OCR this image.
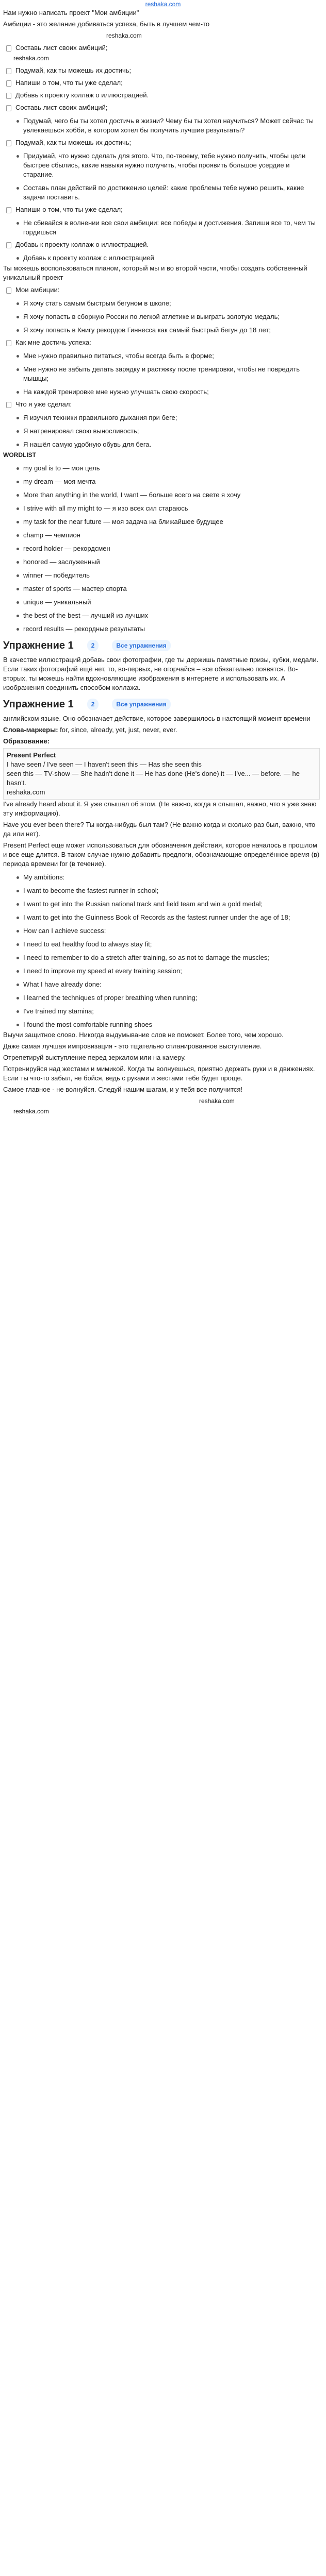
reshaka.com

Нам нужно написать проект "Мои амбиции"

Амбиции - это желание добиваться успеха, быть в лучшем чем-то

reshaka.com
Составь лист своих амбиций;
reshaka.com
Подумай, как ты можешь их достичь;
Напиши о том, что ты уже сделал;
Добавь к проекту коллаж о иллюстрацией.
Составь лист своих амбиций;
Подумай, чего бы ты хотел достичь в жизни? Чему бы ты хотел научиться? Может сейчас ты увлекаешься хобби, в котором хотел бы получить лучшие результаты?
Подумай, как ты можешь их достичь;
Придумай, что нужно сделать для этого. Что, по-твоему, тебе нужно получить, чтобы цели быстрее сбылись, какие навыки нужно получить, чтобы проявить большое усердие и старание.
Составь план действий по достижению целей: какие проблемы тебе нужно решить, какие задачи поставить.
Напиши о том, что ты уже сделал;
Не сбивайся в волнении все свои амбиции: все победы и достижения. Запиши все то, чем ты гордишься
Добавь к проекту коллаж о иллюстрацией.
Добавь к проекту коллаж с иллюстрацией

Ты можешь воспользоваться планом, который мы и во второй части, чтобы создать собственный уникальный проект

Мои амбиции:
Я хочу стать самым быстрым бегуном в школе;
Я хочу попасть в сборную России по легкой атлетике и выиграть золотую медаль;
Я хочу попасть в Книгу рекордов Гиннесса как самый быстрый бегун до 18 лет;
Как мне достичь успеха:
Мне нужно правильно питаться, чтобы всегда быть в форме;
Мне нужно не забыть делать зарядку и растяжку после тренировки, чтобы не повредить мышцы;
На каждой тренировке мне нужно улучшать свою скорость;
Что я уже сделал:
Я изучил техники правильного дыхания при беге;
Я натренировал свою выносливость;
Я нашёл самую удобную обувь для бега.
WORDLIST
my goal is to — моя цель
my dream — моя мечта
More than anything in the world, I want — больше всего на свете я хочу
I strive with all my might to — я изо всех сил стараюсь
my task for the near future — моя задача на ближайшее будущее
champ — чемпион
record holder — рекордсмен
honored — заслуженный
winner — победитель
master of sports — мастер спорта
unique — уникальный
the best of the best — лучший из лучших
record results — рекордные результаты
Упражнение 1	2	Все упражнения

В качестве иллюстраций добавь свои фотографии, где ты держишь памятные призы, кубки, медали. Если таких фотографий ещё нет, то, во-первых, не огорчайся – все обязательно появятся. Во-вторых, ты можешь найти вдохновляющие изображения в интернете и использовать их. А изображения соединить способом коллажа.

Упражнение 1	2	Все упражнения

английском языке. Оно обозначает действие, которое завершилось в настоящий момент времени

Слова-маркеры: for, since, already, yet, just, never, ever.

Образование:

Present Perfect
I have seen / I've seen — I haven't seen this — Has she seen this
seen this — TV-show — She hadn't done it — He has done (He's done) it — I've... — before. — he hasn't.
reshaka.com

I've already heard about it. Я уже слышал об этом. (Не важно, когда я слышал, важно, что я уже знаю эту информацию).

Have you ever been there? Ты когда-нибудь был там? (Не важно когда и сколько раз был, важно, что да или нет).

Present Perfect еще может использоваться для обозначения действия, которое началось в прошлом и все еще длится. В таком случае нужно добавить предлоги, обозначающие определённое время (в) периода времени for (в течение).

My ambitions:
I want to become the fastest runner in school;
I want to get into the Russian national track and field team and win a gold medal;
I want to get into the Guinness Book of Records as the fastest runner under the age of 18;
How can I achieve success:
I need to eat healthy food to always stay fit;
I need to remember to do a stretch after training, so as not to damage the muscles;
I need to improve my speed at every training session;
What I have already done:
I learned the techniques of proper breathing when running;
I've trained my stamina;
I found the most comfortable running shoes

Выучи защитное слово. Никогда выдумывание слов не поможет. Более того, чем хорошо.

Даже самая лучшая импровизация - это тщательно спланированное выступление.

Отрепетируй выступление перед зеркалом или на камеру.

Потренируйся над жестами и мимикой. Когда ты волнуешься, приятно держать руки и в движениях. Если ты что-то забыл, не бойся, ведь с руками и жестами тебе будет проще.

Самое главное - не волнуйся. Следуй нашим шагам, и у тебя все получится!

reshaka.com
reshaka.com
